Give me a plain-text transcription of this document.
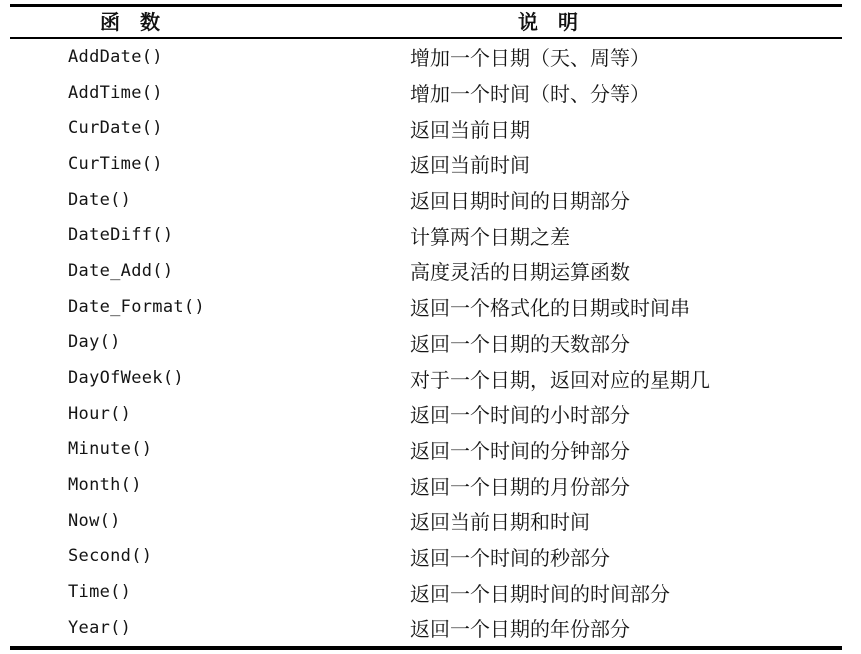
函　数	说　明
AddDate()	增加一个日期（天、周等）
AddTime()	增加一个时间（时、分等）
CurDate()	返回当前日期
CurTime()	返回当前时间
Date()	返回日期时间的日期部分
DateDiff()	计算两个日期之差
Date_Add()	高度灵活的日期运算函数
Date_Format()	返回一个格式化的日期或时间串
Day()	返回一个日期的天数部分
DayOfWeek()	对于一个日期，返回对应的星期几
Hour()	返回一个时间的小时部分
Minute()	返回一个时间的分钟部分
Month()	返回一个日期的月份部分
Now()	返回当前日期和时间
Second()	返回一个时间的秒部分
Time()	返回一个日期时间的时间部分
Year()	返回一个日期的年份部分
